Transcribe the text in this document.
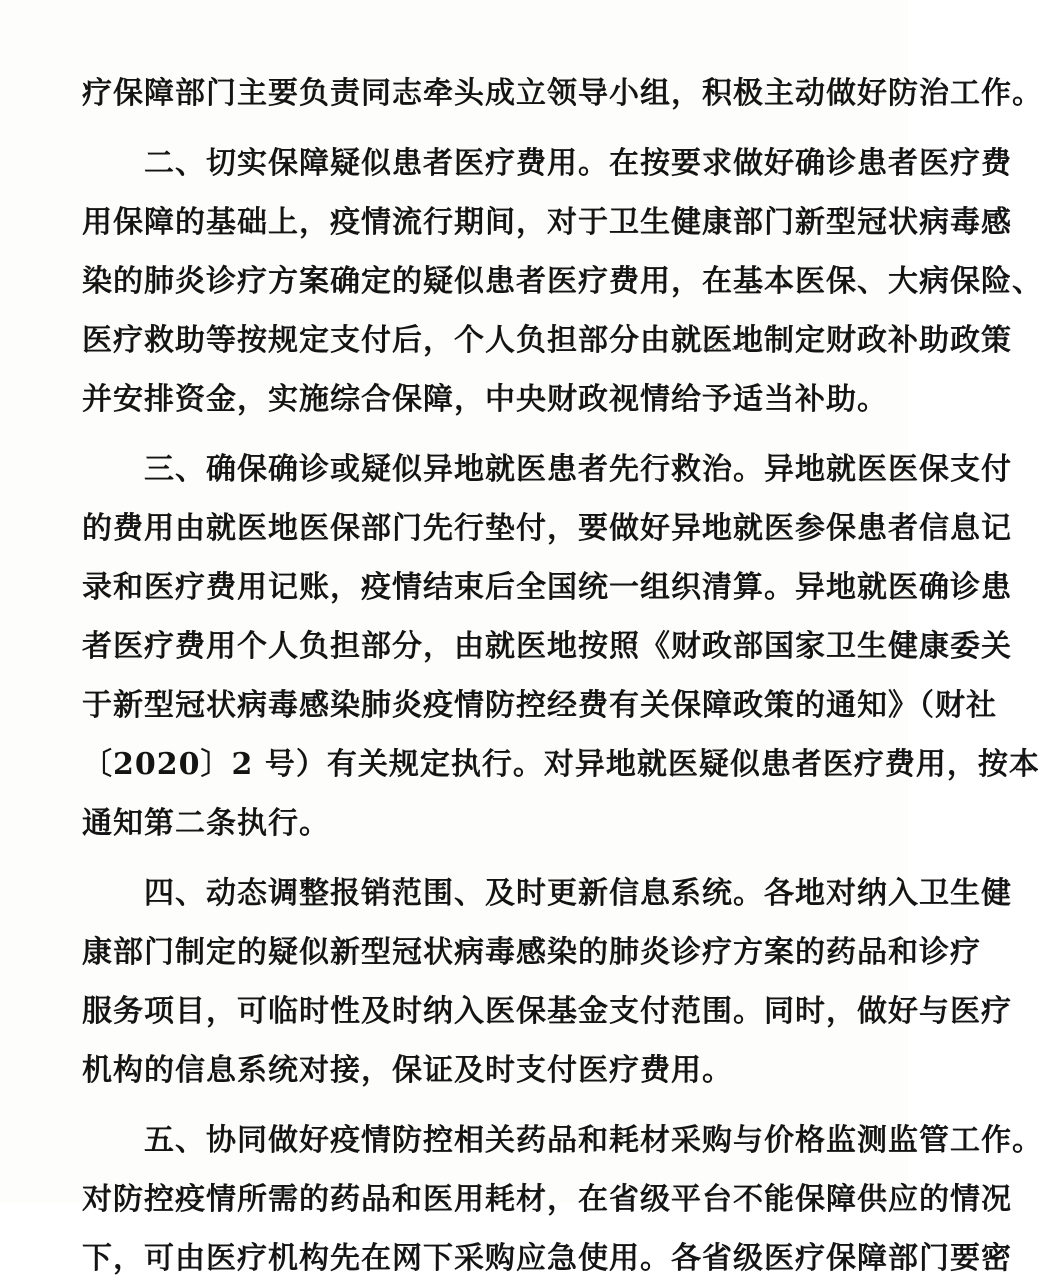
疗保障部门主要负责同志牵头成立领导小组，积极主动做好防治工作。
二、切实保障疑似患者医疗费用。在按要求做好确诊患者医疗费
用保障的基础上，疫情流行期间，对于卫生健康部门新型冠状病毒感
染的肺炎诊疗方案确定的疑似患者医疗费用，在基本医保、大病保险、
医疗救助等按规定支付后，个人负担部分由就医地制定财政补助政策
并安排资金，实施综合保障，中央财政视情给予适当补助。
三、确保确诊或疑似异地就医患者先行救治。异地就医医保支付
的费用由就医地医保部门先行垫付，要做好异地就医参保患者信息记
录和医疗费用记账，疫情结束后全国统一组织清算。异地就医确诊患
者医疗费用个人负担部分，由就医地按照《财政部国家卫生健康委关
于新型冠状病毒感染肺炎疫情防控经费有关保障政策的通知》（财社
〔2020〕2 号）有关规定执行。对异地就医疑似患者医疗费用，按本
通知第二条执行。
四、动态调整报销范围、及时更新信息系统。各地对纳入卫生健
康部门制定的疑似新型冠状病毒感染的肺炎诊疗方案的药品和诊疗
服务项目，可临时性及时纳入医保基金支付范围。同时，做好与医疗
机构的信息系统对接，保证及时支付医疗费用。
五、协同做好疫情防控相关药品和耗材采购与价格监测监管工作。
对防控疫情所需的药品和医用耗材，在省级平台不能保障供应的情况
下，可由医疗机构先在网下采购应急使用。各省级医疗保障部门要密
